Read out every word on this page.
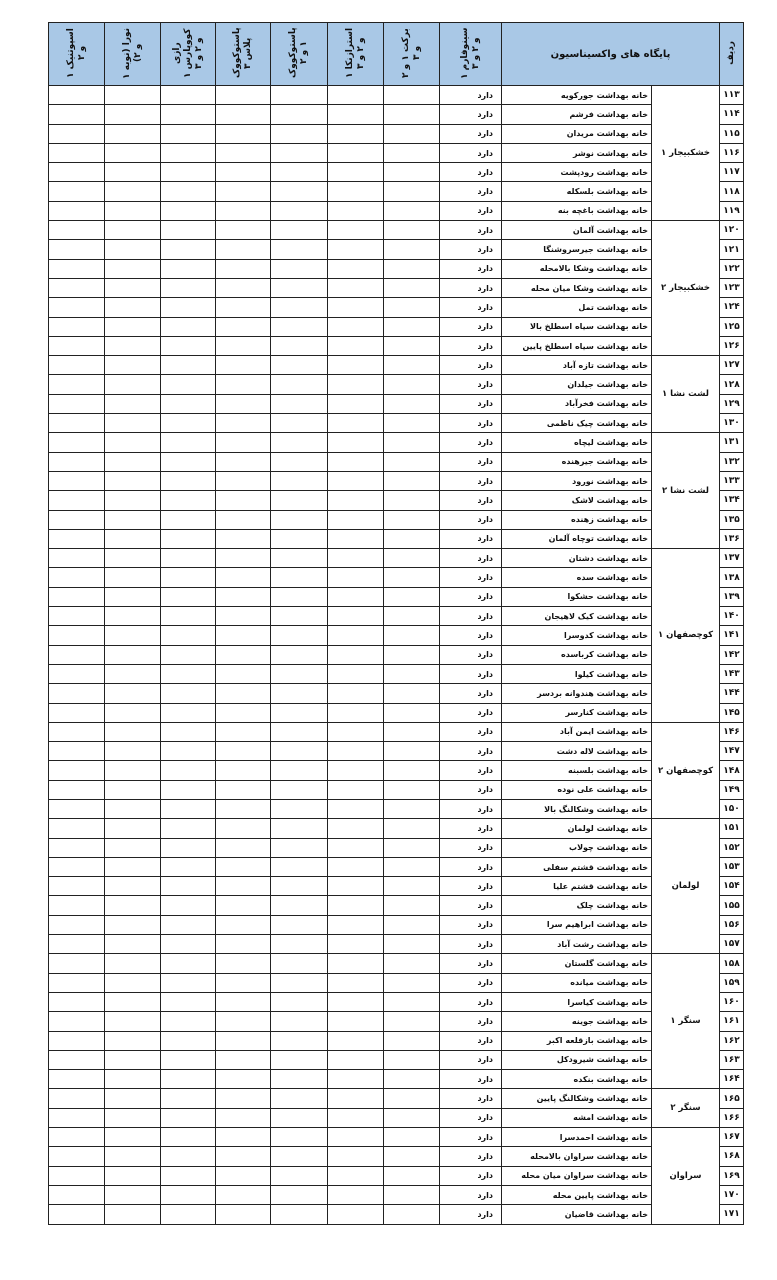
ردیف	پایگاه های واکسیناسیون		سینوفارم ۱ و ۲ و ۳	برکت ۱ و ۲ و ۳	استرازنکا ۱ و ۲ و ۳	پاستوکووک ۱ و ۲	پاستوکووک پلاس ۳	رازی کووپارس ۱ و ۲ و ۳	نورا (نوبه ۱ و ۲)	اسپوتنیک ۱ و ۲
۱۱۳	خشکبیجار ۱	خانه بهداشت جورکویه	دارد							
۱۱۴		خانه بهداشت فرشم	دارد							
۱۱۵		خانه بهداشت مریدان	دارد							
۱۱۶		خانه بهداشت نوشر	دارد							
۱۱۷		خانه بهداشت رودپشت	دارد							
۱۱۸		خانه بهداشت بلسکله	دارد							
۱۱۹		خانه بهداشت باغچه بنه	دارد							
۱۲۰	خشکبیجار ۲	خانه بهداشت آلمان	دارد							
۱۲۱		خانه بهداشت جیرسروشنگا	دارد							
۱۲۲		خانه بهداشت وشکا بالامحله	دارد							
۱۲۳		خانه بهداشت وشکا میان محله	دارد							
۱۲۴		خانه بهداشت تمل	دارد							
۱۲۵		خانه بهداشت سیاه اسطلخ بالا	دارد							
۱۲۶		خانه بهداشت سیاه اسطلخ پایین	دارد							
۱۲۷	لشت نشا ۱	خانه بهداشت تازه آباد	دارد							
۱۲۸		خانه بهداشت جیلدان	دارد							
۱۲۹		خانه بهداشت فخرآباد	دارد							
۱۳۰		خانه بهداشت چیک ناظمی	دارد							
۱۳۱	لشت نشا ۲	خانه بهداشت لیچاه	دارد							
۱۳۲		خانه بهداشت جیرهنده	دارد							
۱۳۳		خانه بهداشت نورود	دارد							
۱۳۴		خانه بهداشت لاشک	دارد							
۱۳۵		خانه بهداشت زهنده	دارد							
۱۳۶		خانه بهداشت توچاه آلمان	دارد							
۱۳۷	کوچصفهان ۱	خانه بهداشت دشتان	دارد							
۱۳۸		خانه بهداشت سده	دارد							
۱۳۹		خانه بهداشت حشکوا	دارد							
۱۴۰		خانه بهداشت کیک لاهیجان	دارد							
۱۴۱		خانه بهداشت کدوسرا	دارد							
۱۴۲		خانه بهداشت کرباسده	دارد							
۱۴۳		خانه بهداشت کیلوا	دارد							
۱۴۴		خانه بهداشت هندوانه بردسر	دارد							
۱۴۵		خانه بهداشت کنارسر	دارد							
۱۴۶	کوچصفهان ۲	خانه بهداشت ایمن آباد	دارد							
۱۴۷		خانه بهداشت لاله دشت	دارد							
۱۴۸		خانه بهداشت بلسبنه	دارد							
۱۴۹		خانه بهداشت علی نوده	دارد							
۱۵۰		خانه بهداشت وشکالنگ بالا	دارد							
۱۵۱	لولمان	خانه بهداشت لولمان	دارد							
۱۵۲		خانه بهداشت چولاب	دارد							
۱۵۳		خانه بهداشت قشتم سفلی	دارد							
۱۵۴		خانه بهداشت قشتم علیا	دارد							
۱۵۵		خانه بهداشت چلک	دارد							
۱۵۶		خانه بهداشت ابراهیم سرا	دارد							
۱۵۷		خانه بهداشت رشت آباد	دارد							
۱۵۸	سنگر ۱	خانه بهداشت گلستان	دارد							
۱۵۹		خانه بهداشت میانده	دارد							
۱۶۰		خانه بهداشت کیاسرا	دارد							
۱۶۱		خانه بهداشت جوینه	دارد							
۱۶۲		خانه بهداشت بازقلعه اکبر	دارد							
۱۶۳		خانه بهداشت شیرودکل	دارد							
۱۶۴		خانه بهداشت بنکده	دارد							
۱۶۵	سنگر ۲	خانه بهداشت وشکالنگ پایین	دارد							
۱۶۶		خانه بهداشت امشه	دارد							
۱۶۷	سراوان	خانه بهداشت احمدسرا	دارد							
۱۶۸		خانه بهداشت سراوان بالامحله	دارد							
۱۶۹		خانه بهداشت سراوان میان محله	دارد							
۱۷۰		خانه بهداشت پایین محله	دارد							
۱۷۱		خانه بهداشت قاضیان	دارد							
